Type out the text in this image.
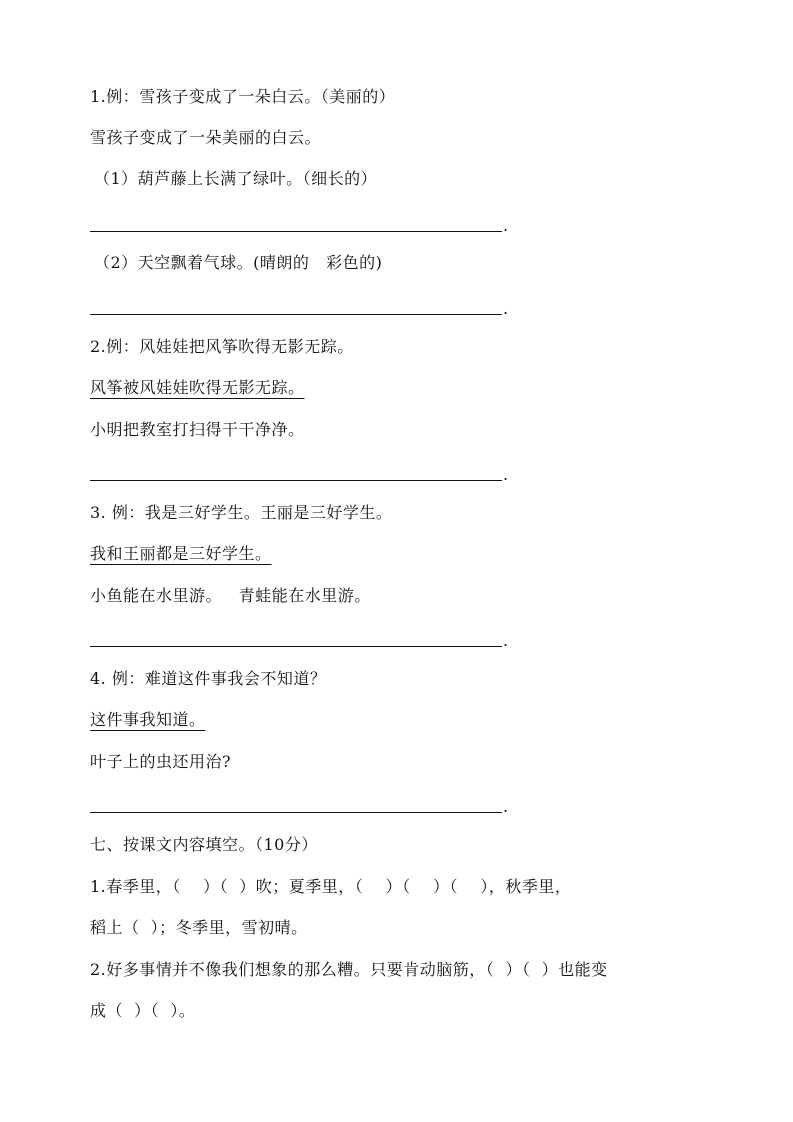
1.例：雪孩子变成了一朵白云。（美丽的）
雪孩子变成了一朵美丽的白云。
（1）葫芦藤上长满了绿叶。（细长的）
.
（2）天空飘着气球。(晴朗的   彩色的)
.
2.例：风娃娃把风筝吹得无影无踪。
风筝被风娃娃吹得无影无踪。
小明把教室打扫得干干净净。
.
3. 例：我是三好学生。王丽是三好学生。
我和王丽都是三好学生。
小鱼能在水里游。   青蛙能在水里游。
.
4. 例：难道这件事我会不知道？
这件事我知道。
叶子上的虫还用治?
.
七、按课文内容填空。（10分）
1.春季里，（    ）（  ）吹；夏季里，（    ）（    ）（    ），秋季里，
稻上（  ）；冬季里，雪初晴。
2.好多事情并不像我们想象的那么糟。只要肯动脑筋，（  ）（  ）也能变
成（  ）（  ）。
